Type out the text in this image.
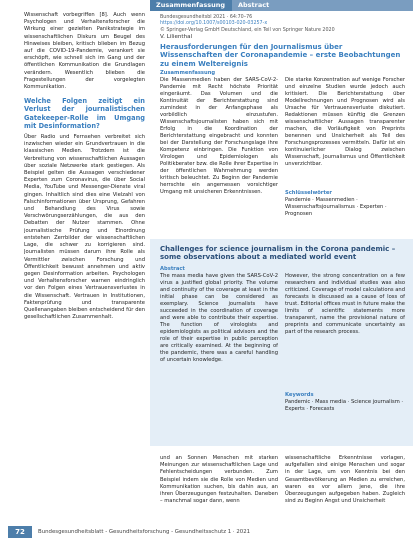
Wissenschaft vorbegriffen [8]. Auch wenn Psychologen und Verhaltensforscher die Wirkung einer gezielten Panikstrategie im wissenschaftlichen Diskurs um Beugel des Hinweises bleiben, kritisch blieben im Bezug auf die COVID-19-Pandemie, verankert sie erschöpft, wie schnell sich im Gang und der öffentlichen Kommunikation die Grundlagen verändern. Wesentlich blieben die Fragestellungen der vorgelegten Kommunikation.

Welche Folgen zeitigt ein Verlust der journalistischen Gatekeeper-Rolle im Umgang mit Desinformation?

Über Radio und Fernsehen verbreitet sich inzwischen wieder ein Grundvertrauen in die klassischen Medien. Trotzdem ist die Verbreitung von wissenschaftlichen Aussagen über soziale Netzwerke stark gestiegen. Als Beispiel gelten die Aussagen verschiedener Experten zum Coronavirus, die über Social Media, YouTube und Messenger-Dienste viral gingen. Inhaltlich sind dies eine Vielzahl von Falschinformationen über Ursprung, Gefahren und Behandlung des Virus sowie Verschwörungserzählungen, die aus den Debatten der Nutzer stammen. Ohne journalistische Prüfung und Einordnung entstehen Zerrbilder der wissenschaftlichen Lage, die schwer zu korrigieren sind. Journalisten müssen darum ihre Rolle als Vermittler zwischen Forschung und Öffentlichkeit bewusst annehmen und aktiv gegen Desinformation arbeiten. Psychologen und Verhaltensforscher warnen eindringlich vor den Folgen eines Vertrauensverlustes in die Wissenschaft. Vertrauen in Institutionen, Faktenprüfung und transparente Quellenangaben bleiben entscheidend für den gesellschaftlichen Zusammenhalt.

Zusammenfassung	Abstract
Bundesgesundheitsbl 2021 · 64:70–76
https://doi.org/10.1007/s00103-020-03257-x
© Springer-Verlag GmbH Deutschland, ein Teil von Springer Nature 2020
V. Lilienthal
Herausforderungen für den Journalismus über Wissenschaften der Coronapandemie – erste Beobachtungen zu einem Weltereignis
Zusammenfassung
Die Massenmedien haben der SARS-CoV-2-Pandemie mit Recht höchste Priorität eingeräumt. Das Volumen und die Kontinuität der Berichterstattung sind zumindest in der Anfangsphase als vorbildlich einzustufen. Wissenschaftsjournalisten haben sich mit Erfolg in die Koordination der Berichterstattung eingebracht und konnten bei der Darstellung der Forschungslage ihre Kompetenz einbringen. Die Funktion von Virologen und Epidemiologen als Politikberater bzw. die Rolle ihrer Expertise in der öffentlichen Wahrnehmung werden kritisch beleuchtet. Zu Beginn der Pandemie herrschte ein angemessen vorsichtiger Umgang mit unsicheren Erkenntnissen.
Die starke Konzentration auf wenige Forscher und einzelne Studien wurde jedoch auch kritisiert. Die Berichterstattung über Modellrechnungen und Prognosen wird als Ursache für Vertrauensverluste diskutiert. Redaktionen müssen künftig die Grenzen wissenschaftlicher Aussagen transparenter machen, die Vorläufigkeit von Preprints benennen und Unsicherheit als Teil des Forschungsprozesses vermitteln. Dafür ist ein kontinuierlicher Dialog zwischen Wissenschaft, Journalismus und Öffentlichkeit unverzichtbar.
Schlüsselwörter
Pandemie · Massenmedien · Wissenschaftsjournalismus · Experten · Prognosen
Challenges for science journalism in the Corona pandemic – some observations about a mediated world event
Abstract
The mass media have given the SARS-CoV-2 virus a justified global priority. The volume and continuity of the coverage at least in the initial phase can be considered as exemplary. Science journalists have succeeded in the coordination of coverage and were able to contribute their expertise. The function of virologists and epidemiologists as political advisors and the role of their expertise in public perception are critically examined. At the beginning of the pandemic, there was a careful handling of uncertain knowledge.
However, the strong concentration on a few researchers and individual studies was also criticized. Coverage of model calculations and forecasts is discussed as a cause of loss of trust. Editorial offices must in future make the limits of scientific statements more transparent, name the provisional nature of preprints and communicate uncertainty as part of the research process.
Keywords
Pandemic · Mass media · Science journalism · Experts · Forecasts
und an Sonnen Menschen mit starken Meinungen zur wissenschaftlichen Lage und Fehlentscheidungen verbunden. Zum Beispiel indem sie die Rolle von Medien und Kommunikation suchen, bis dahin aus, an ihren Überzeugungen festzuhalten. Daneben – manchmal sogar dann, wenn
wissenschaftliche Erkenntnisse vorlagen, aufgefallen sind einige Menschen und sogar in der Lage, um von Kenntnis bei den Gesamtbevölkerung an Medien zu erreichen, waren es vor allem jene, die ihre Überzeugungen aufgegeben haben. Zugleich sind zu Beginn Angst und Unsicherheit
72	Bundesgesundheitsblatt - Gesundheitsforschung - Gesundheitsschutz 1 · 2021
